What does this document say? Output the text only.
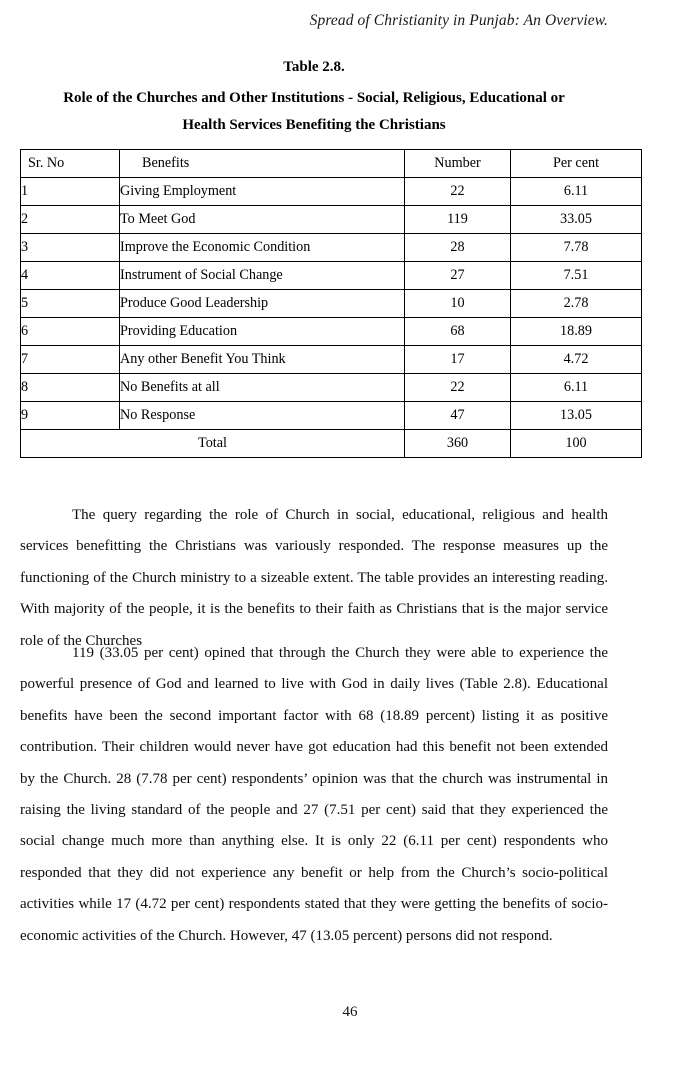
Spread of Christianity in Punjab: An Overview.
Table 2.8.
Role of the Churches and Other Institutions - Social, Religious, Educational or
Health Services Benefiting the Christians
Sr. No	Benefits	Number	Per cent
1	Giving Employment	22	6.11
2	To Meet God	119	33.05
3	Improve the Economic Condition	28	7.78
4	Instrument of Social Change	27	7.51
5	Produce Good Leadership	10	2.78
6	Providing Education	68	18.89
7	Any other Benefit You Think	17	4.72
8	No Benefits at all	22	6.11
9	No Response	47	13.05
Total		360	100

The query regarding the role of Church in social, educational, religious and health services benefitting the Christians was variously responded. The response measures up the functioning of the Church ministry to a sizeable extent. The table provides an interesting reading. With majority of the people, it is the benefits to their faith as Christians that is the major service role of the Churches

119 (33.05 per cent) opined that through the Church they were able to experience the powerful presence of God and learned to live with God in daily lives (Table 2.8). Educational benefits have been the second important factor with 68 (18.89 percent) listing it as positive contribution. Their children would never have got education had this benefit not been extended by the Church. 28 (7.78 per cent) respondents’ opinion was that the church was instrumental in raising the living standard of the people and 27 (7.51 per cent) said that they experienced the social change much more than anything else. It is only 22 (6.11 per cent) respondents who responded that they did not experience any benefit or help from the Church’s socio-political activities while 17 (4.72 per cent) respondents stated that they were getting the benefits of socio-economic activities of the Church. However, 47 (13.05 percent) persons did not respond.

46
